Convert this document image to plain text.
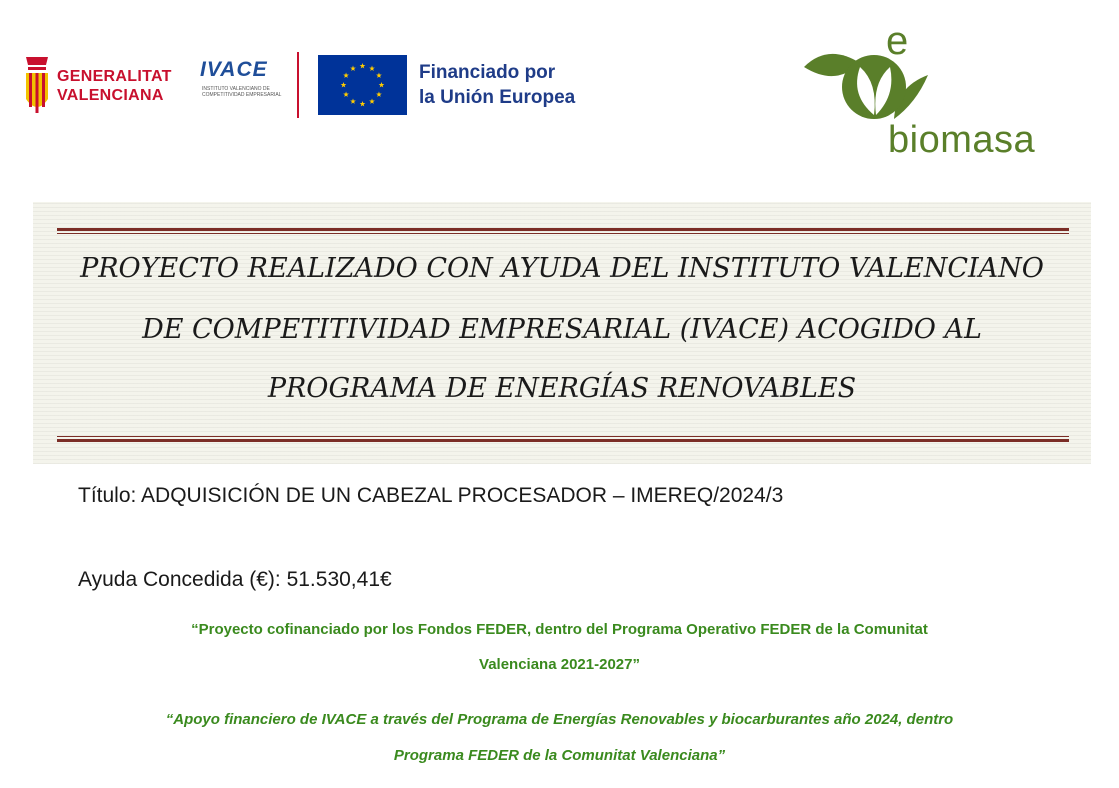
GENERALITAT
VALENCIANA
IVACE
INSTITUTO VALENCIANO DE
COMPETITIVIDAD EMPRESARIAL
Financiado por
la Unión Europea
e
biomasa
PROYECTO REALIZADO CON AYUDA DEL INSTITUTO VALENCIANO
DE COMPETITIVIDAD EMPRESARIAL (IVACE) ACOGIDO AL
PROGRAMA DE ENERGÍAS RENOVABLES
Título: ADQUISICIÓN DE UN CABEZAL PROCESADOR – IMEREQ/2024/3
Ayuda Concedida (€): 51.530,41€
“Proyecto cofinanciado por los Fondos FEDER, dentro del Programa Operativo FEDER de la Comunitat
Valenciana 2021-2027”
“Apoyo financiero de IVACE a través del Programa de Energías Renovables y biocarburantes año 2024, dentro
Programa FEDER de la Comunitat Valenciana”
